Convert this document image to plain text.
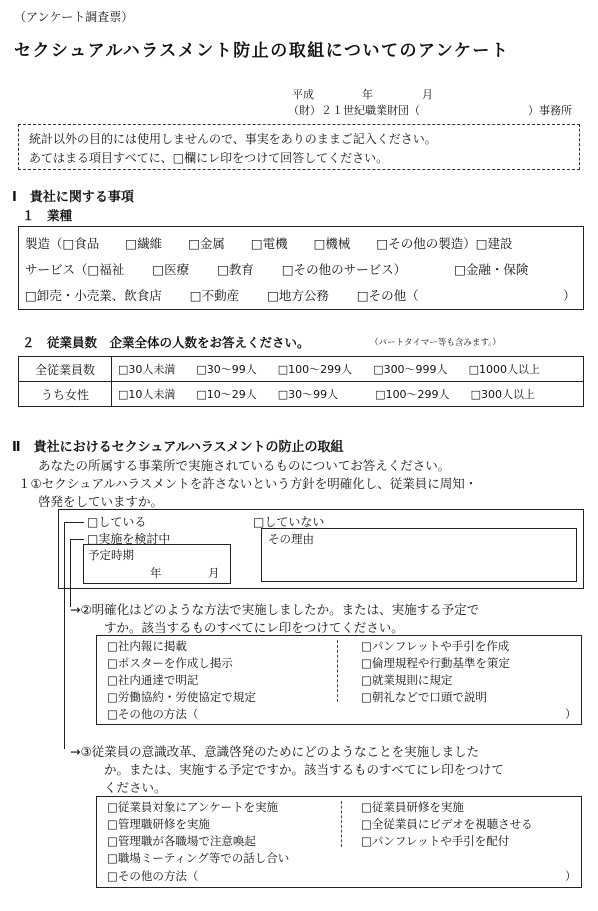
（アンケート調査票）
セクシュアルハラスメント防止の取組についてのアンケート
平成	年	月
（財）２１世紀職業財団（	）事務所
統計以外の目的には使用しませんので、事実をありのままご記入ください。
あてはまる項目すべてに、□欄にレ印をつけて回答してください。
Ⅰ　貴社に関する事項
１　業種
製造（□食品 □繊維 □金属 □電機 □機械 □その他の製造）□建設
サービス（□福祉 □医療 □教育 □その他のサービス）	□金融・保険
□卸売・小売業、飲食店 □不動産 □地方公務 □その他（	）
２　従業員数　企業全体の人数をお答えください。	（パートタイマー等も含みます。）
全従業員数	□30人未満 □30～99人 □100～299人 □300～999人 □1000人以上
うち女性	□10人未満 □10～29人 □30～99人 □100～299人 □300人以上
Ⅱ　貴社におけるセクシュアルハラスメントの防止の取組
あなたの所属する事業所で実施されているものについてお答えください。
１①セクシュアルハラスメントを許さないという方針を明確化し、従業員に周知・
啓発をしていますか。
□している
□実施を検討中
□していない
予定時期
年	月
その理由
→②明確化はどのような方法で実施しましたか。または、実施する予定で
すか。該当するものすべてにレ印をつけてください。
□社内報に掲載
□ポスターを作成し掲示
□社内通達で明記
□労働協約・労使協定で規定
□その他の方法（	）
□パンフレットや手引を作成
□倫理規程や行動基準を策定
□就業規則に規定
□朝礼などで口頭で説明
→③従業員の意識改革、意識啓発のためにどのようなことを実施しました
か。または、実施する予定ですか。該当するものすべてにレ印をつけて
ください。
□従業員対象にアンケートを実施
□管理職研修を実施
□管理職が各職場で注意喚起
□職場ミーティング等での話し合い
□その他の方法（	）
□従業員研修を実施
□全従業員にビデオを視聴させる
□パンフレットや手引を配付
